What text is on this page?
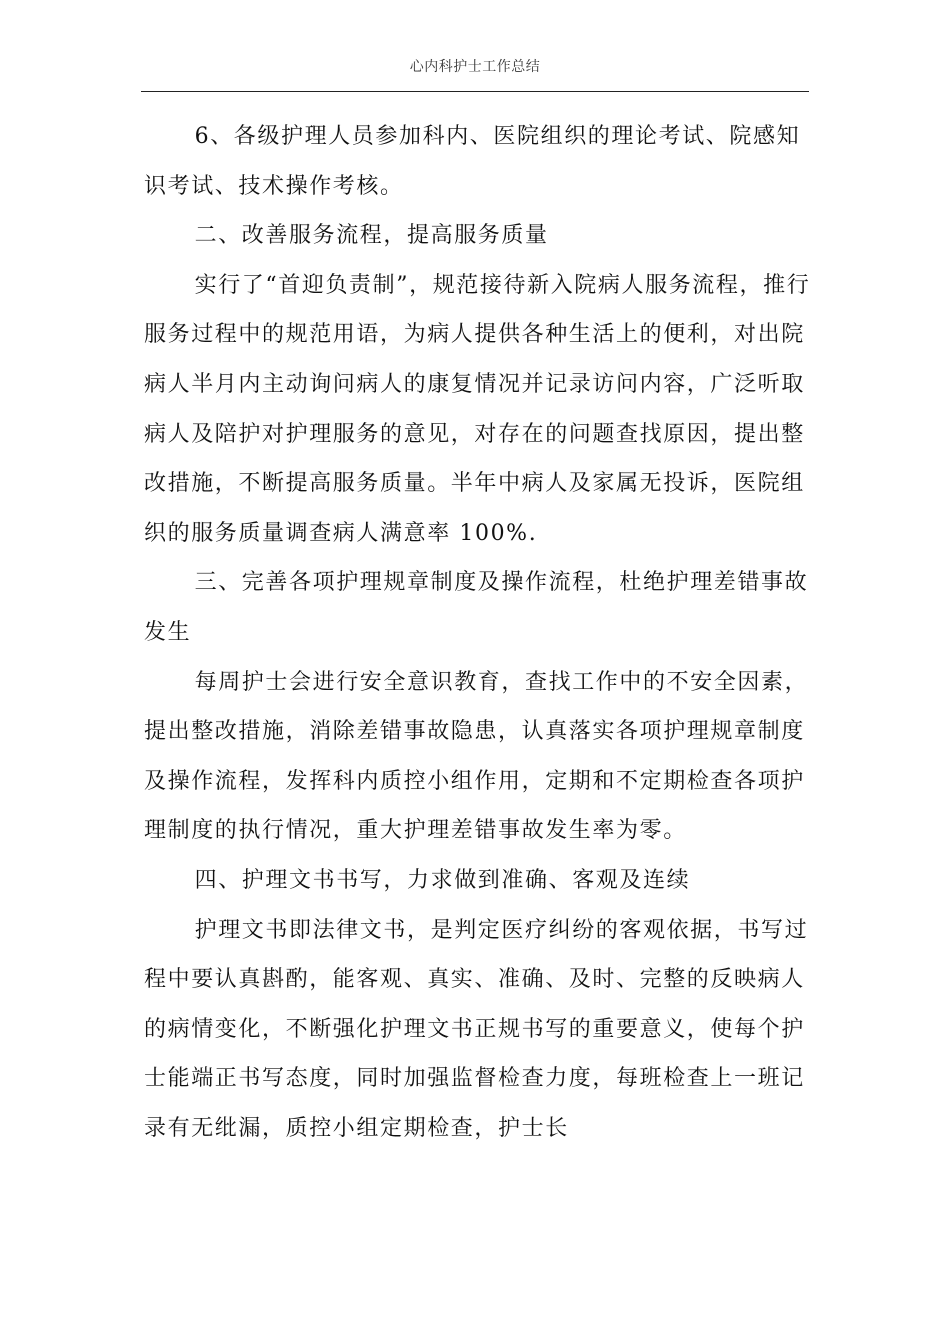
心内科护士工作总结

6、各级护理人员参加科内、医院组织的理论考试、院感知识考试、技术操作考核。

二、改善服务流程，提高服务质量

实行了“首迎负责制”，规范接待新入院病人服务流程，推行服务过程中的规范用语，为病人提供各种生活上的便利，对出院病人半月内主动询问病人的康复情况并记录访问内容，广泛听取病人及陪护对护理服务的意见，对存在的问题查找原因，提出整改措施，不断提高服务质量。半年中病人及家属无投诉，医院组织的服务质量调查病人满意率 100%.

三、完善各项护理规章制度及操作流程，杜绝护理差错事故发生

每周护士会进行安全意识教育，查找工作中的不安全因素，提出整改措施，消除差错事故隐患，认真落实各项护理规章制度及操作流程，发挥科内质控小组作用，定期和不定期检查各项护理制度的执行情况，重大护理差错事故发生率为零。

四、护理文书书写，力求做到准确、客观及连续

护理文书即法律文书，是判定医疗纠纷的客观依据，书写过程中要认真斟酌，能客观、真实、准确、及时、完整的反映病人的病情变化，不断强化护理文书正规书写的重要意义，使每个护士能端正书写态度，同时加强监督检查力度，每班检查上一班记录有无纰漏，质控小组定期检查，护士长
